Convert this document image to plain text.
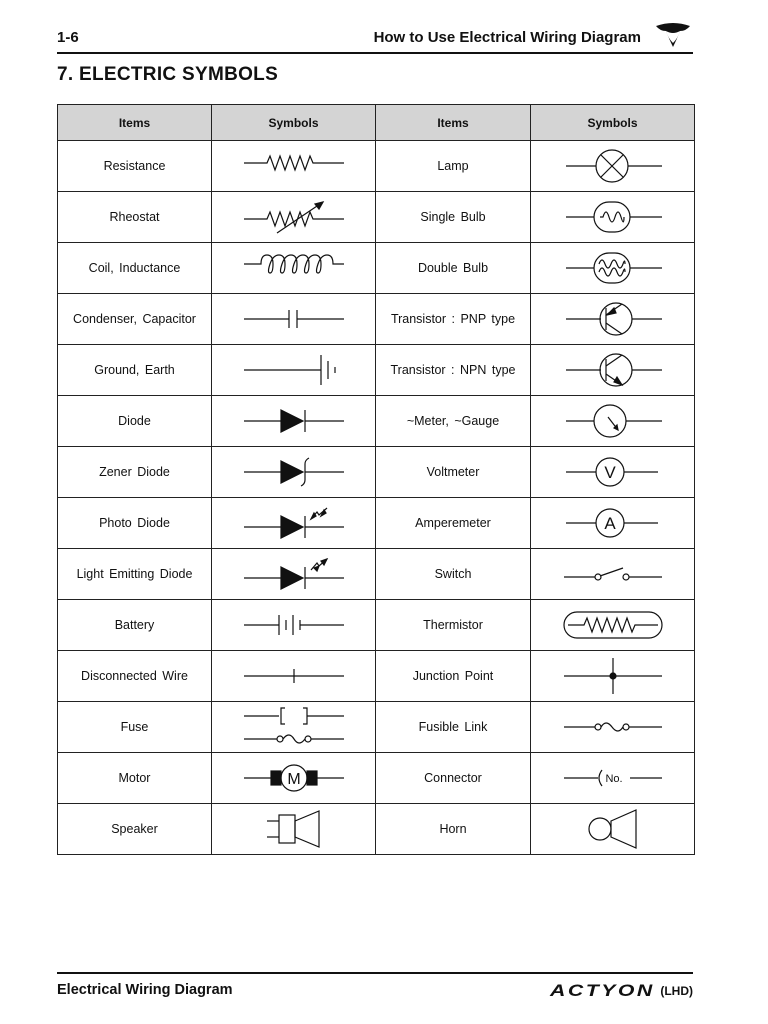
1-6	How to Use Electrical Wiring Diagram
7. ELECTRIC SYMBOLS
Items	Symbols	Items	Symbols
Resistance		Lamp	

Rheostat		Single Bulb	

Coil, Inductance		Double Bulb	

Condenser, Capacitor		Transistor : PNP type	

Ground, Earth		Transistor : NPN type	

Diode		~Meter, ~Gauge	

Zener Diode		Voltmeter	V

Photo Diode		Amperemeter	A

Light Emitting Diode		Switch	

Battery		Thermistor	

Disconnected Wire		Junction Point	

Fuse		Fusible Link	

Motor	M	Connector	No.

Speaker		Horn	
Electrical Wiring Diagram	ACTYON (LHD)
